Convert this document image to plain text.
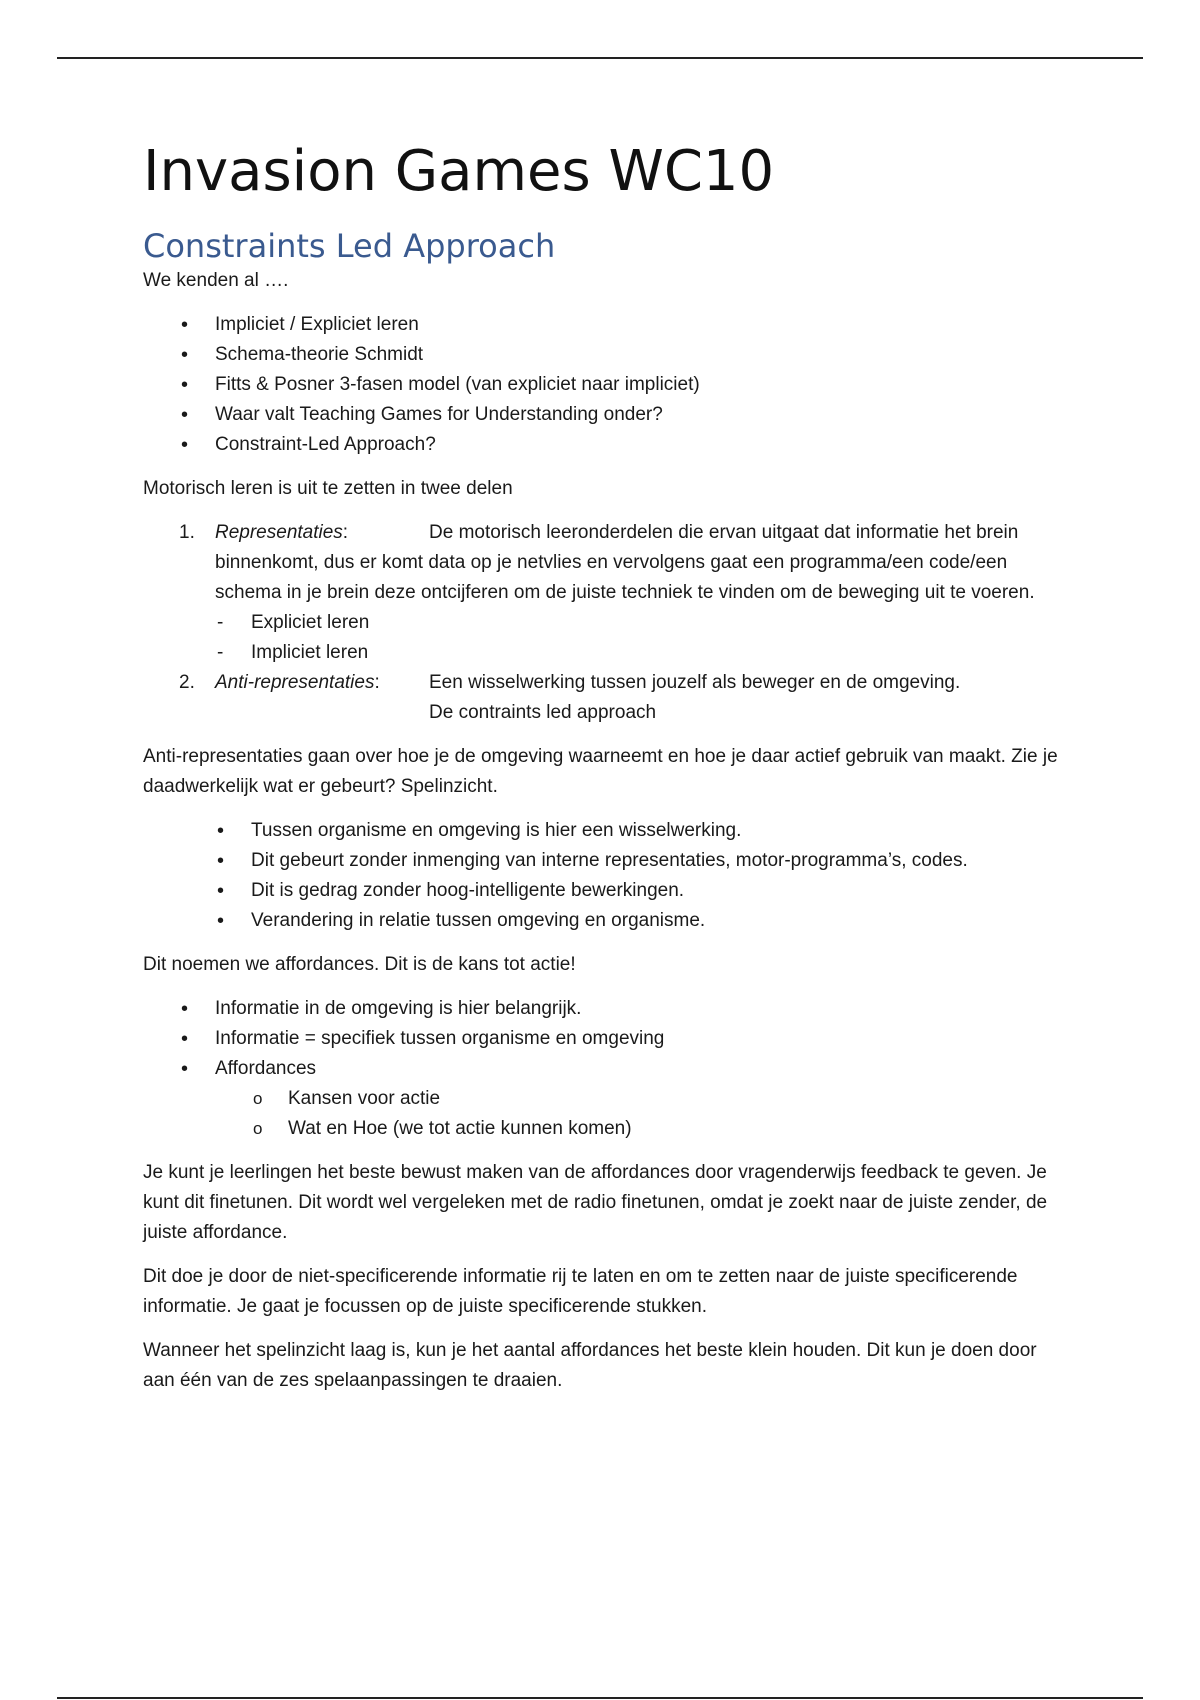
Invasion Games WC10
Constraints Led Approach

We kenden al ….

• Impliciet / Expliciet leren
• Schema-theorie Schmidt
• Fitts & Posner 3-fasen model (van expliciet naar impliciet)
• Waar valt Teaching Games for Understanding onder?
• Constraint-Led Approach?

Motorisch leren is uit te zetten in twee delen

1. Representaties:	De motorisch leeronderdelen die ervan uitgaat dat informatie het brein binnenkomt, dus er komt data op je netvlies en vervolgens gaat een programma/een code/een schema in je brein deze ontcijferen om de juiste techniek te vinden om de beweging uit te voeren.
- Expliciet leren
- Impliciet leren
2. Anti-representaties:	Een wisselwerking tussen jouzelf als beweger en de omgeving.
De contraints led approach

Anti-representaties gaan over hoe je de omgeving waarneemt en hoe je daar actief gebruik van maakt. Zie je daadwerkelijk wat er gebeurt? Spelinzicht.

• Tussen organisme en omgeving is hier een wisselwerking.
• Dit gebeurt zonder inmenging van interne representaties, motor-programma’s, codes.
• Dit is gedrag zonder hoog-intelligente bewerkingen.
• Verandering in relatie tussen omgeving en organisme.

Dit noemen we affordances. Dit is de kans tot actie!

• Informatie in de omgeving is hier belangrijk.
• Informatie = specifiek tussen organisme en omgeving
• Affordances
o Kansen voor actie
o Wat en Hoe (we tot actie kunnen komen)

Je kunt je leerlingen het beste bewust maken van de affordances door vragenderwijs feedback te geven. Je kunt dit finetunen. Dit wordt wel vergeleken met de radio finetunen, omdat je zoekt naar de juiste zender, de juiste affordance.

Dit doe je door de niet-specificerende informatie rij te laten en om te zetten naar de juiste specificerende informatie. Je gaat je focussen op de juiste specificerende stukken.

Wanneer het spelinzicht laag is, kun je het aantal affordances het beste klein houden. Dit kun je doen door aan één van de zes spelaanpassingen te draaien.
